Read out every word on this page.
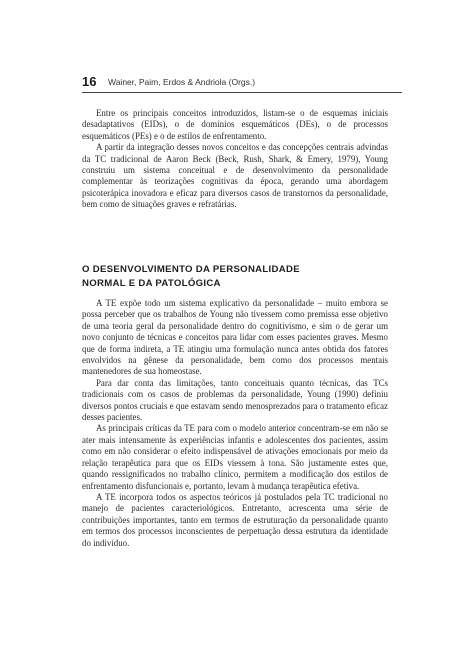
16 Wainer, Paim, Erdos & Andriola (Orgs.)

Entre os principais conceitos introduzidos, listam-se o de esquemas iniciais desadaptativos (EIDs), o de domínios esquemáticos (DEs), o de processos esquemáticos (PEs) e o de estilos de enfrentamento.

A partir da integração desses novos conceitos e das concepções centrais advindas da TC tradicional de Aaron Beck (Beck, Rush, Shark, & Emery, 1979), Young construiu um sistema conceitual e de desenvolvimento da personalidade complementar às teorizações cognitivas da época, gerando uma abordagem psicoterápica inovadora e eficaz para diversos casos de transtornos da personalidade, bem como de situações graves e refratárias.

O DESENVOLVIMENTO DA PERSONALIDADE
NORMAL E DA PATOLÓGICA

A TE expõe todo um sistema explicativo da personalidade – muito embora se possa perceber que os trabalhos de Young não tivessem como premissa esse objetivo de uma teoria geral da personalidade dentro do cognitivismo, e sim o de gerar um novo conjunto de técnicas e conceitos para lidar com esses pacientes graves. Mesmo que de forma indireta, a TE atingiu uma formulação nunca antes obtida dos fatores envolvidos na gênese da personalidade, bem como dos processos mentais mantenedores de sua homeostase.

Para dar conta das limitações, tanto conceituais quanto técnicas, das TCs tradicionais com os casos de problemas da personalidade, Young (1990) definiu diversos pontos cruciais e que estavam sendo menosprezados para o tratamento eficaz desses pacientes.

As principais críticas da TE para com o modelo anterior concentram-se em não se ater mais intensamente às experiências infantis e adolescentes dos pacientes, assim como em não considerar o efeito indispensável de ativações emocionais por meio da relação terapêutica para que os EIDs viessem à tona. São justamente estes que, quando ressignificados no trabalho clínico, permitem a modificação dos estilos de enfrentamento disfuncionais e, portanto, levam à mudança terapêutica efetiva.

A TE incorpora todos os aspectos teóricos já postulados pela TC tradicional no manejo de pacientes caracteriológicos. Entretanto, acrescenta uma série de contribuições importantes, tanto em termos de estruturação da personalidade quanto em termos dos processos inconscientes de perpetuação dessa estrutura da identidade do indivíduo.
